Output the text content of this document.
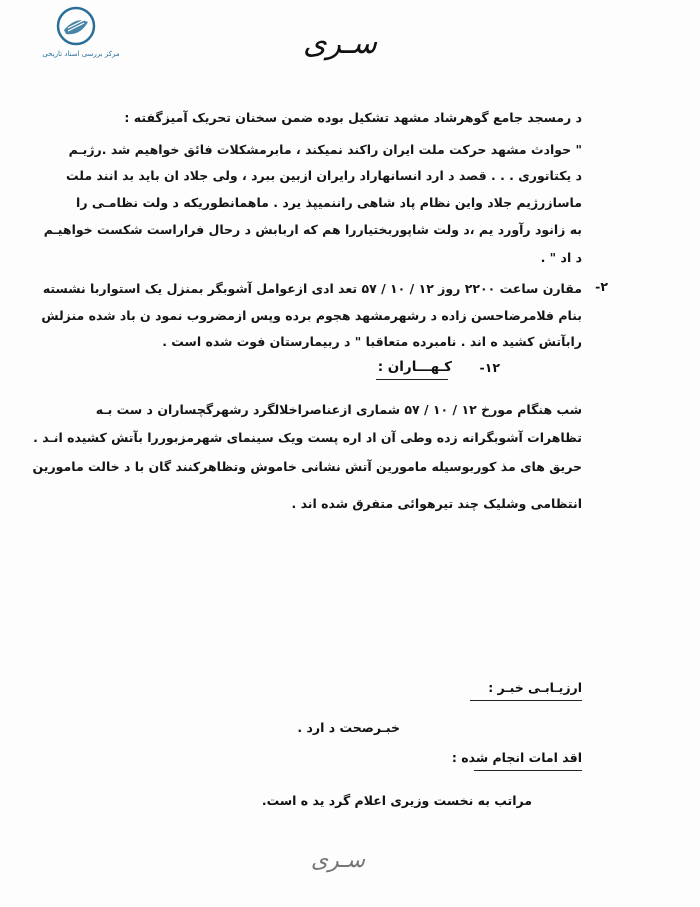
مرکز بررسی اسناد تاریخی	سـرى
د رمسجد جامع گوهرشاد مشهد تشکیل بوده ضمن سخنان تحریک آمیزگفته :
" حوادث مشهد حرکت ملت ایران راکند نمیکند ، مابرمشکلات فائق خواهیم شد .رژیـم
د یکتاتوری . . . قصد د ارد انسانهاراد رایران ازبین ببرد ، ولی جلاد ان باید بد انند ملت
ماسازرژیم جلاد واین نظام پاد شاهی راننمیپذ یرد . ماهمانطوریکه د ولت نظامـی را
به زانود رآورد یم ،د ولت شاپوربختیاررا هم که اربابش د رحال فراراست شکست خواهیـم
د اد " .
-۲
مقارن ساعت ۲۲۰۰ روز ۱۲ / ۱۰ / ۵۷ تعد ادی ازعوامل آشوبگر بمنزل یک استواربا نشسته
بنام فلامرضاحسن زاده د رشهرمشهد هجوم برده وپس ازمضروب نمود ن باد شده منزلش
رابآتش کشید ه اند . نامبرده متعاقبا " د ربیمارستان فوت شده است .
-۱۲
کـهـــاران :
شب هنگام مورخ ۱۲ / ۱۰ / ۵۷ شماری ازعناصراخلالگرد رشهرگچساران د ست بـه
تظاهرات آشوبگرانه زده وطی آن اد اره پست ویک سینمای شهرمزبوررا بآتش کشیده انـد .
حریق های مذ کوربوسیله مامورین آتش نشانی خاموش وتظاهرکنند گان با د خالت مامورین
انتظامی وشلیک چند تیرهوائی متفرق شده اند .
ارزیـابـی خبـر :
خبـرصحت د ارد .
اقد امات انجام شده :
مراتب به نخست وزیری اعلام گرد ید ه است.
سـرى
